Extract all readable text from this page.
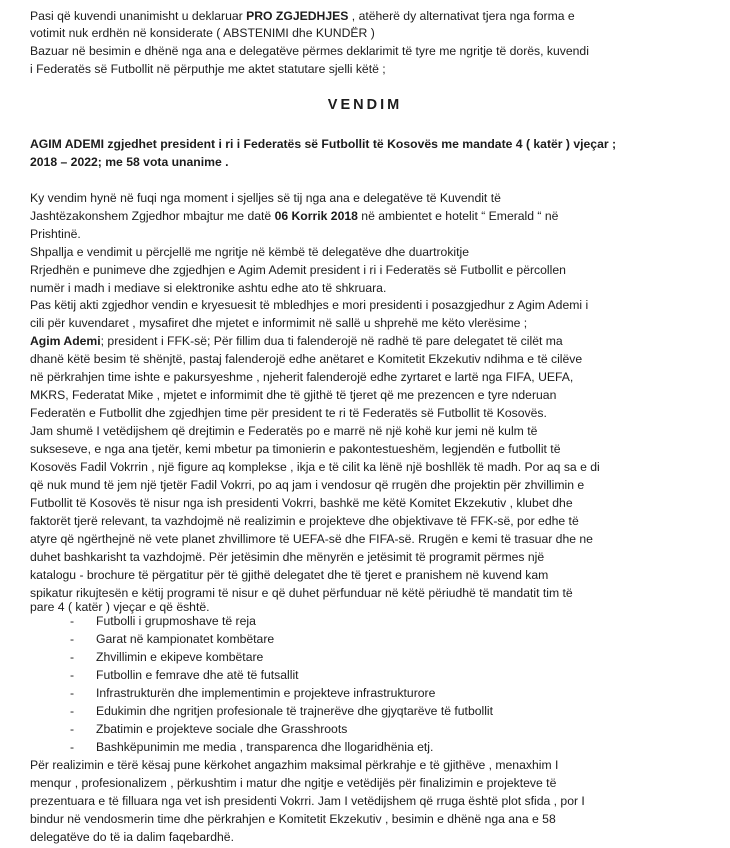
Pasi që kuvendi unanimisht u deklaruar PRO ZGJEDHJES , atëherë dy alternativat tjera nga forma e
votimit nuk erdhën në konsiderate ( ABSTENIMI dhe KUNDËR )
Bazuar në besimin e dhënë nga ana e delegatëve përmes deklarimit të tyre me ngritje të dorës, kuvendi
i Federatës së Futbollit në përputhje me aktet statutare sjelli këtë ;
VENDIM
AGIM ADEMI zgjedhet president i ri i Federatës së Futbollit të Kosovës me mandate 4 ( katër ) vjeçar ;
2018 – 2022; me 58 vota unanime .
Ky vendim hynë në fuqi nga moment i sjelljes së tij nga ana e delegatëve të Kuvendit të
Jashtëzakonshem Zgjedhor mbajtur me datë 06 Korrik 2018 në ambientet e hotelit “ Emerald “ në
Prishtinë.
Shpallja e vendimit u përcjellë me ngritje në këmbë të delegatëve dhe duartrokitje
Rrjedhën e punimeve dhe zgjedhjen e Agim Ademit president i ri i Federatës së Futbollit e përcollen
numër i madh i mediave si elektronike ashtu edhe ato të shkruara.
Pas këtij akti zgjedhor vendin e kryesuesit të mbledhjes e mori presidenti i posazgjedhur z Agim Ademi i
cili për kuvendaret , mysafiret dhe mjetet e informimit në sallë u shprehë me këto vlerësime ;
Agim Ademi; president i FFK-së; Për fillim dua ti falenderojë në radhë të pare delegatet të cilët ma
dhanë këtë besim të shënjtë, pastaj falenderojë edhe anëtaret e Komitetit Ekzekutiv ndihma e të cilëve
në përkrahjen time ishte e pakursyeshme , njeherit falenderojë edhe zyrtaret e lartë nga FIFA, UEFA,
MKRS, Federatat Mike , mjetet e informimit dhe të gjithë të tjeret që me prezencen e tyre nderuan
Federatën e Futbollit dhe zgjedhjen time për president te ri të Federatës së Futbollit të Kosovës.
Jam shumë I vetëdijshem që drejtimin e Federatës po e marrë në një kohë kur jemi në kulm të
sukseseve, e nga ana tjetër, kemi mbetur pa timonierin e pakontestueshëm, legjendën e futbollit të
Kosovës Fadil Vokrrin , një figure aq komplekse , ikja e të cilit ka lënë një boshllëk të madh. Por aq sa e di
që nuk mund të jem një tjetër Fadil Vokrri, po aq jam i vendosur që rrugën dhe projektin për zhvillimin e
Futbollit të Kosovës të nisur nga ish presidenti Vokrri, bashkë me këtë Komitet Ekzekutiv , klubet dhe
faktorët tjerë relevant, ta vazhdojmë në realizimin e projekteve dhe objektivave të FFK-së, por edhe të
atyre që ngërthejnë në vete planet zhvillimore të UEFA-së dhe FIFA-së. Rrugën e kemi të trasuar dhe ne
duhet bashkarisht ta vazhdojmë. Për jetësimin dhe mënyrën e jetësimit të programit përmes një
katalogu - brochure të përgatitur për të gjithë delegatet dhe të tjeret e pranishem në kuvend kam
spikatur rikujtesën e këtij programi të nisur e që duhet përfunduar në këtë përiudhë të mandatit tim të
pare 4 ( katër ) vjeçar e që është.
- Futbolli i grupmoshave të reja
- Garat në kampionatet kombëtare
- Zhvillimin e ekipeve kombëtare
- Futbollin e femrave dhe atë të futsallit
- Infrastrukturën dhe implementimin e projekteve infrastrukturore
- Edukimin dhe ngritjen profesionale të trajnerëve dhe gjyqtarëve të futbollit
- Zbatimin e projekteve sociale dhe Grasshroots
- Bashkëpunimin me media , transparenca dhe llogaridhënia etj.
Për realizimin e tërë kësaj pune kërkohet angazhim maksimal përkrahje e të gjithëve , menaxhim I
menqur , profesionalizem , përkushtim i matur dhe ngitje e vetëdijës për finalizimin e projekteve të
prezentuara e të filluara nga vet ish presidenti Vokrri. Jam I vetëdijshem që rruga është plot sfida , por I
bindur në vendosmerin time dhe përkrahjen e Komitetit Ekzekutiv , besimin e dhënë nga ana e 58
delegatëve do të ia dalim faqebardhë.
